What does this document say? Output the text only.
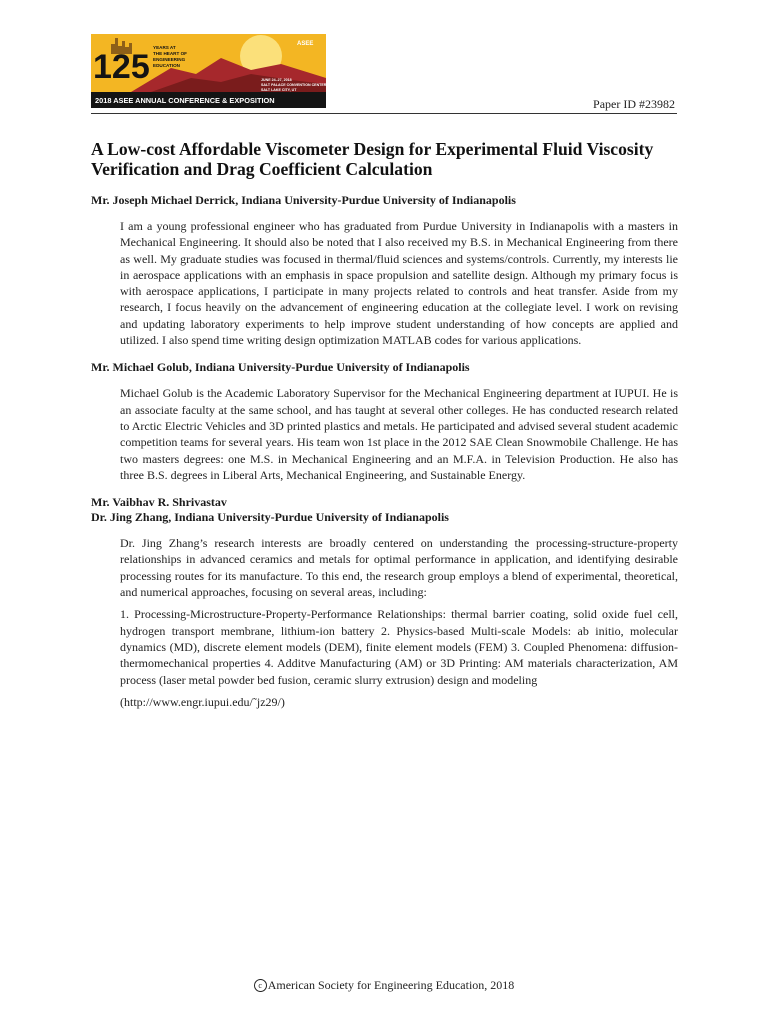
125
YEARS AT
THE HEART OF
ENGINEERING
EDUCATION
ASEE
JUNE 24–27, 2018
SALT PALACE CONVENTION CENTER
SALT LAKE CITY, UT
2018 ASEE ANNUAL CONFERENCE & EXPOSITION	Paper ID #23982
A Low-cost Affordable Viscometer Design for Experimental Fluid Viscosity Verification and Drag Coefficient Calculation
Mr. Joseph Michael Derrick, Indiana University-Purdue University of Indianapolis

I am a young professional engineer who has graduated from Purdue University in Indianapolis with a masters in Mechanical Engineering. It should also be noted that I also received my B.S. in Mechanical Engineering from there as well. My graduate studies was focused in thermal/fluid sciences and systems/controls. Currently, my interests lie in aerospace applications with an emphasis in space propulsion and satellite design. Although my primary focus is with aerospace applications, I participate in many projects related to controls and heat transfer. Aside from my research, I focus heavily on the advancement of engineering education at the collegiate level. I work on revising and updating laboratory experiments to help improve student understanding of how concepts are applied and utilized. I also spend time writing design optimization MATLAB codes for various applications.

Mr. Michael Golub, Indiana University-Purdue University of Indianapolis

Michael Golub is the Academic Laboratory Supervisor for the Mechanical Engineering department at IUPUI. He is an associate faculty at the same school, and has taught at several other colleges. He has conducted research related to Arctic Electric Vehicles and 3D printed plastics and metals. He participated and advised several student academic competition teams for several years. His team won 1st place in the 2012 SAE Clean Snowmobile Challenge. He has two masters degrees: one M.S. in Mechanical Engineering and an M.F.A. in Television Production. He also has three B.S. degrees in Liberal Arts, Mechanical Engineering, and Sustainable Energy.

Mr. Vaibhav R. Shrivastav
Dr. Jing Zhang, Indiana University-Purdue University of Indianapolis

Dr. Jing Zhang’s research interests are broadly centered on understanding the processing-structure-property relationships in advanced ceramics and metals for optimal performance in application, and identifying desirable processing routes for its manufacture. To this end, the research group employs a blend of experimental, theoretical, and numerical approaches, focusing on several areas, including:

1. Processing-Microstructure-Property-Performance Relationships: thermal barrier coating, solid oxide fuel cell, hydrogen transport membrane, lithium-ion battery 2. Physics-based Multi-scale Models: ab initio, molecular dynamics (MD), discrete element models (DEM), finite element models (FEM) 3. Coupled Phenomena: diffusion-thermomechanical properties 4. Additve Manufacturing (AM) or 3D Printing: AM materials characterization, AM process (laser metal powder bed fusion, ceramic slurry extrusion) design and modeling

(http://www.engr.iupui.edu/˜jz29/)

c American Society for Engineering Education, 2018
